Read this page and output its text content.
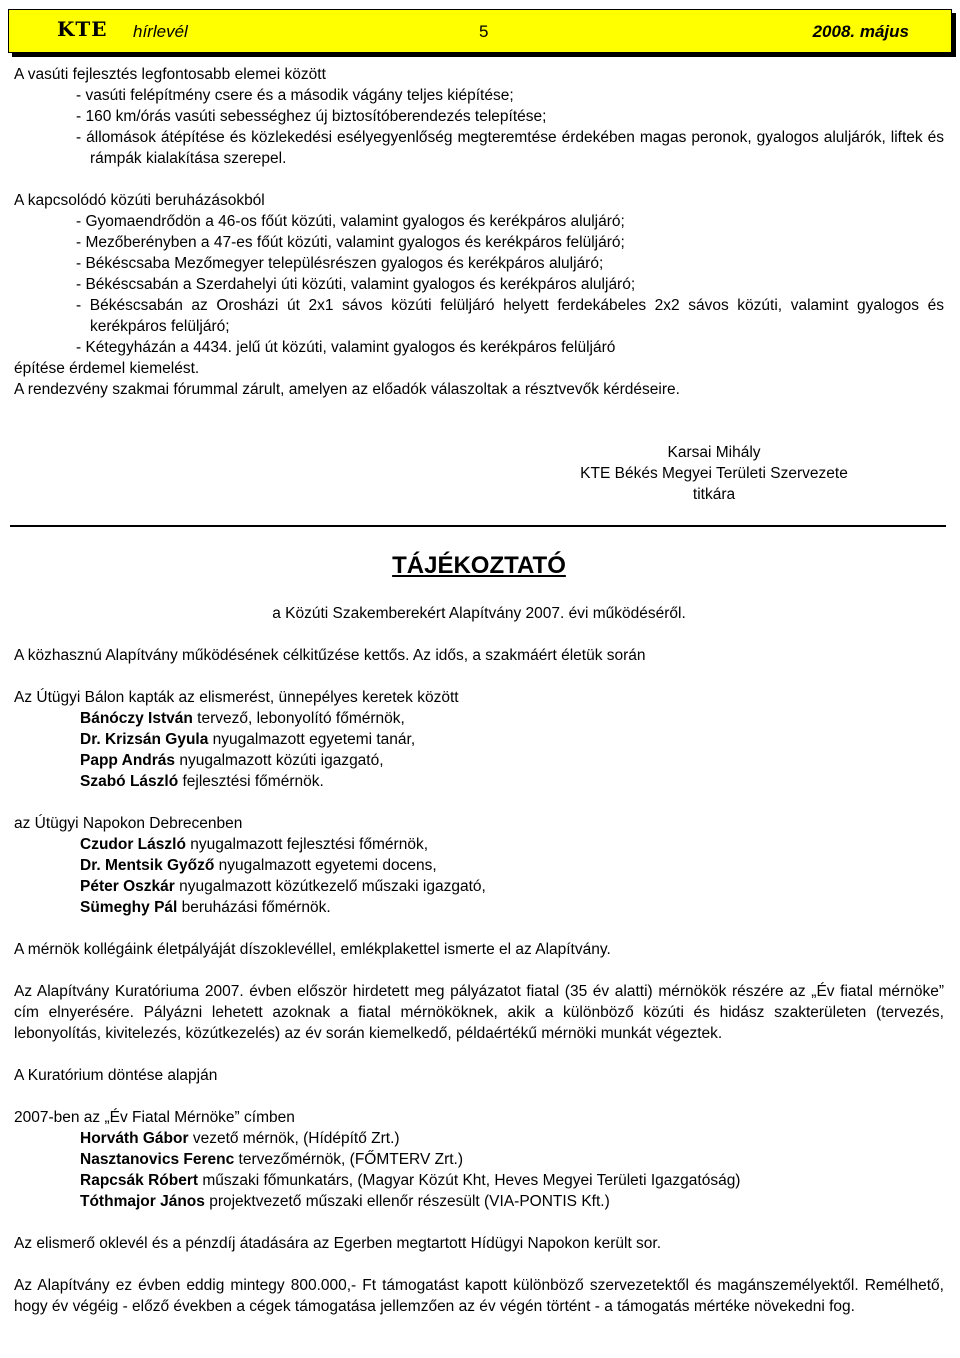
KTE hírlevél	5	2008. május

A vasúti fejlesztés legfontosabb elemei között

- vasúti felépítmény csere és a második vágány teljes kiépítése;

- 160 km/órás vasúti sebességhez új biztosítóberendezés telepítése;

- állomások átépítése és közlekedési esélyegyenlőség megteremtése érdekében magas peronok, gyalogos aluljárók, liftek és rámpák kialakítása szerepel.

A kapcsolódó közúti beruházásokból

- Gyomaendrődön a 46-os főút közúti, valamint gyalogos és kerékpáros aluljáró;

- Mezőberényben a 47-es főút közúti, valamint gyalogos és kerékpáros felüljáró;

- Békéscsaba Mezőmegyer településrészen gyalogos és kerékpáros aluljáró;

- Békéscsabán a Szerdahelyi úti közúti, valamint gyalogos és kerékpáros aluljáró;

- Békéscsabán az Orosházi út 2x1 sávos közúti felüljáró helyett ferdekábeles 2x2 sávos közúti, valamint gyalogos és kerékpáros felüljáró;

- Kétegyházán a 4434. jelű út közúti, valamint gyalogos és kerékpáros felüljáró

építése érdemel kiemelést.

A rendezvény szakmai fórummal zárult, amelyen az előadók válaszoltak a résztvevők kérdéseire.

Karsai Mihály

KTE Békés Megyei Területi Szervezete

titkára

TÁJÉKOZTATÓ

a Közúti Szakemberekért Alapítvány 2007. évi működéséről.

A közhasznú Alapítvány működésének célkitűzése kettős. Az idős, a szakmáért életük során

Az Útügyi Bálon kapták az elismerést, ünnepélyes keretek között

Bánóczy István tervező, lebonyolító főmérnök,

Dr. Krizsán Gyula nyugalmazott egyetemi tanár,

Papp András nyugalmazott közúti igazgató,

Szabó László fejlesztési főmérnök.

az Útügyi Napokon Debrecenben

Czudor László nyugalmazott fejlesztési főmérnök,

Dr. Mentsik Győző nyugalmazott egyetemi docens,

Péter Oszkár nyugalmazott közútkezelő műszaki igazgató,

Sümeghy Pál beruházási főmérnök.

A mérnök kollégáink életpályáját díszoklevéllel, emlékplakettel ismerte el az Alapítvány.

Az Alapítvány Kuratóriuma 2007. évben először hirdetett meg pályázatot fiatal (35 év alatti) mérnökök részére az „Év fiatal mérnöke” cím elnyerésére. Pályázni lehetett azoknak a fiatal mérnököknek, akik a különböző közúti és hidász szakterületen (tervezés, lebonyolítás, kivitelezés, közútkezelés) az év során kiemelkedő, példaértékű mérnöki munkát végeztek.

A Kuratórium döntése alapján

2007-ben az „Év Fiatal Mérnöke” címben

Horváth Gábor vezető mérnök, (Hídépítő Zrt.)

Nasztanovics Ferenc tervezőmérnök, (FŐMTERV Zrt.)

Rapcsák Róbert műszaki főmunkatárs, (Magyar Közút Kht, Heves Megyei Területi Igazgatóság)

Tóthmajor János projektvezető műszaki ellenőr részesült (VIA-PONTIS Kft.)

Az elismerő oklevél és a pénzdíj átadására az Egerben megtartott Hídügyi Napokon került sor.

Az Alapítvány ez évben eddig mintegy 800.000,- Ft támogatást kapott különböző szervezetektől és magánszemélyektől. Remélhető, hogy év végéig - előző években a cégek támogatása jellemzően az év végén történt - a támogatás mértéke növekedni fog.
